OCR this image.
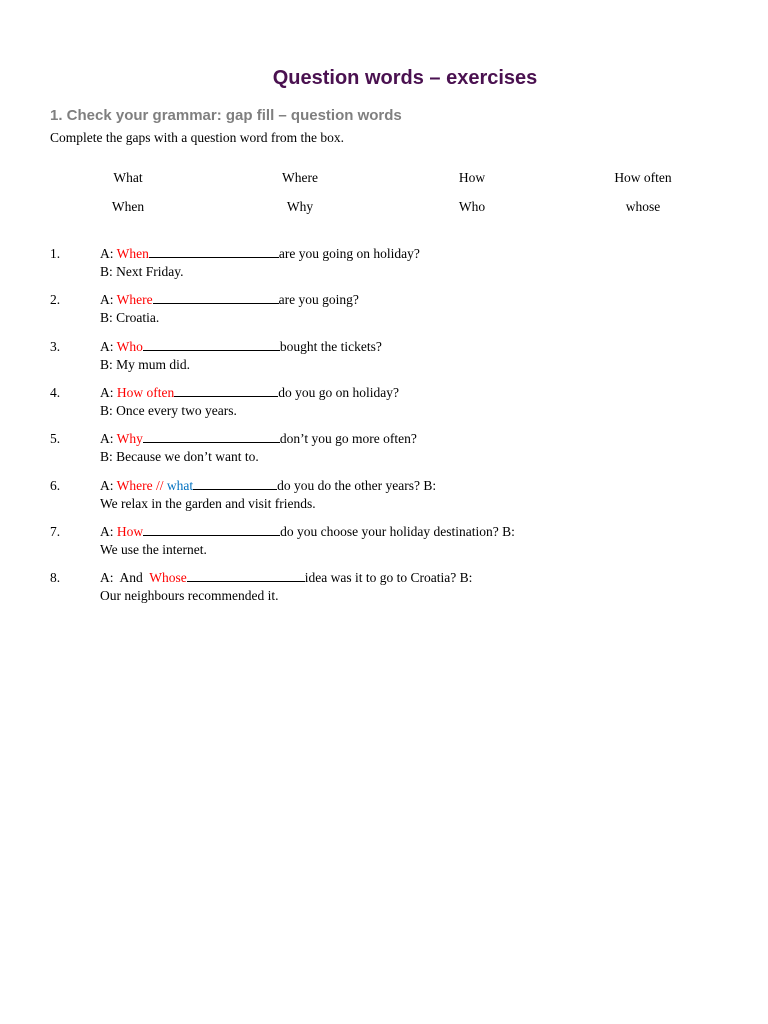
Question words – exercises
1. Check your grammar: gap fill – question words
Complete the gaps with a question word from the box.
What	Where	How	How often
When	Why	Who	whose
1.	A: When	are you going on holiday?
B: Next Friday.
2.	A: Where	are you going?
B: Croatia.
3.	A: Who	bought the tickets?
B: My mum did.
4.	A: How often	do you go on holiday?
B: Once every two years.
5.	A: Why	don’t you go more often?
B: Because we don’t want to.
6.	A: Where // what	do you do the other years? B:
We relax in the garden and visit friends.
7.	A: How	do you choose your holiday destination? B:
We use the internet.
8.	A:  And  Whose	idea was it to go to Croatia? B:
Our neighbours recommended it.
